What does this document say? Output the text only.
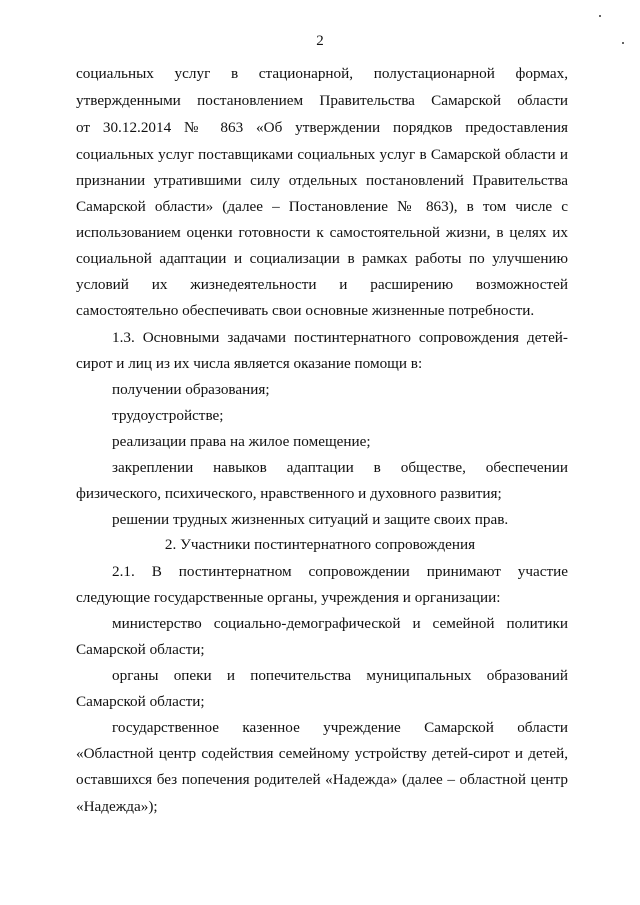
2
социальных услуг в стационарной, полустационарной формах,
утвержденными постановлением Правительства Самарской области
от 30.12.2014 № 863 «Об утверждении порядков предоставления
социальных услуг поставщиками социальных услуг в Самарской области и
признании утратившими силу отдельных постановлений Правительства
Самарской области» (далее – Постановление № 863), в том числе с
использованием оценки готовности к самостоятельной жизни, в целях их
социальной адаптации и социализации в рамках работы по улучшению
условий их жизнедеятельности и расширению возможностей
самостоятельно обеспечивать свои основные жизненные потребности.
1.3. Основными задачами постинтернатного сопровождения детей-
сирот и лиц из их числа является оказание помощи в:
получении образования;
трудоустройстве;
реализации права на жилое помещение;
закреплении навыков адаптации в обществе, обеспечении
физического, психического, нравственного и духовного развития;
решении трудных жизненных ситуаций и защите своих прав.
2. Участники постинтернатного сопровождения
2.1. В постинтернатном сопровождении принимают участие
следующие государственные органы, учреждения и организации:
министерство социально-демографической и семейной политики
Самарской области;
органы опеки и попечительства муниципальных образований
Самарской области;
государственное казенное учреждение Самарской области
«Областной центр содействия семейному устройству детей-сирот и детей,
оставшихся без попечения родителей «Надежда» (далее – областной центр
«Надежда»);
